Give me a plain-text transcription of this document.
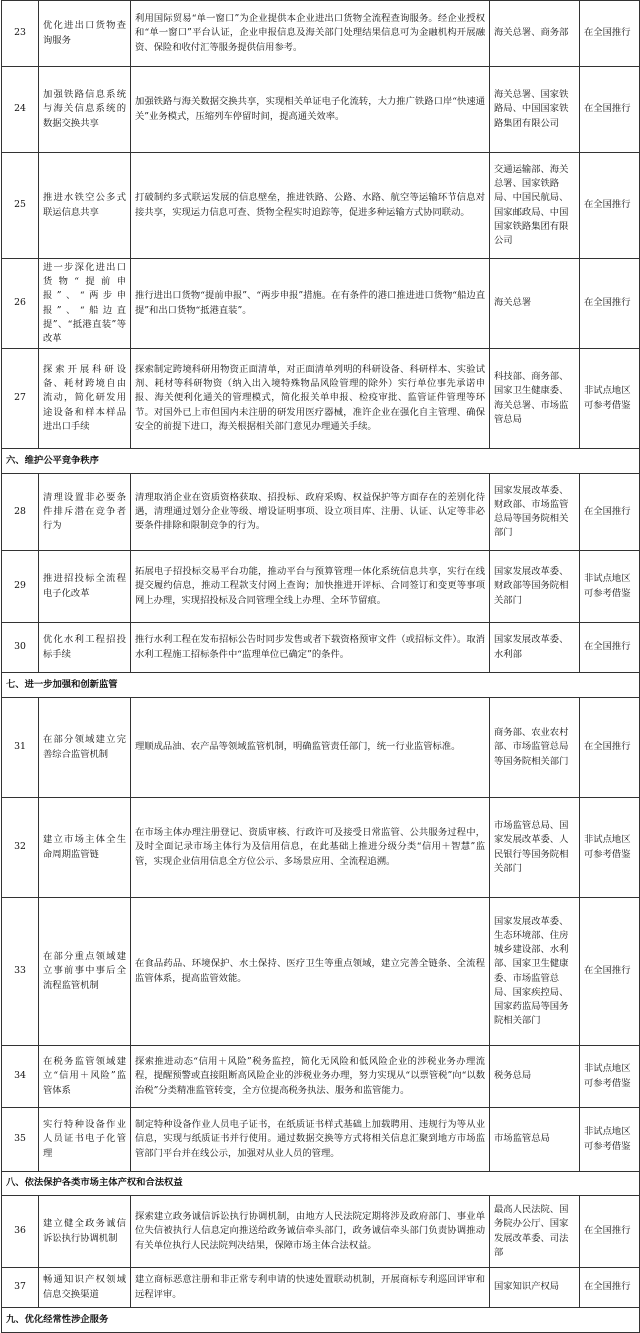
23	优化进出口货物查询服务	利用国际贸易“单一窗口”为企业提供本企业进出口货物全流程查询服务。经企业授权和“单一窗口”平台认证，企业申报信息及海关部门处理结果信息可为金融机构开展融资、保险和收付汇等服务提供信用参考。	海关总署、商务部	在全国推行
24	加强铁路信息系统与海关信息系统的数据交换共享	加强铁路与海关数据交换共享，实现相关单证电子化流转，大力推广铁路口岸“快速通关”业务模式，压缩列车停留时间，提高通关效率。	海关总署、国家铁路局、中国国家铁路集团有限公司	在全国推行
25	推进水铁空公多式联运信息共享	打破制约多式联运发展的信息壁垒，推进铁路、公路、水路、航空等运输环节信息对接共享，实现运力信息可查、货物全程实时追踪等，促进多种运输方式协同联动。	交通运输部、海关总署、国家铁路局、中国民航局、国家邮政局、中国国家铁路集团有限公司	在全国推行
26	进一步深化进出口货物“提前申报”、“两步申报”、“船边直提”、“抵港直装”等改革	推行进出口货物“提前申报”、“两步申报”措施。在有条件的港口推进进口货物“船边直提”和出口货物“抵港直装”。	海关总署	在全国推行
27	探索开展科研设备、耗材跨境自由流动，简化研发用途设备和样本样品进出口手续	探索制定跨境科研用物资正面清单，对正面清单列明的科研设备、科研样本、实验试剂、耗材等科研物资（纳入出入境特殊物品风险管理的除外）实行单位事先承诺申报、海关便利化通关的管理模式，简化报关单申报、检疫审批、监管证件管理等环节。对国外已上市但国内未注册的研发用医疗器械，准许企业在强化自主管理、确保安全的前提下进口，海关根据相关部门意见办理通关手续。	科技部、商务部、国家卫生健康委、海关总署、市场监管总局	非试点地区可参考借鉴
六、维护公平竞争秩序				
28	清理设置非必要条件排斥潜在竞争者行为	清理取消企业在资质资格获取、招投标、政府采购、权益保护等方面存在的差别化待遇，清理通过划分企业等级、增设证明事项、设立项目库、注册、认证、认定等非必要条件排除和限制竞争的行为。	国家发展改革委、财政部、市场监管总局等国务院相关部门	在全国推行
29	推进招投标全流程电子化改革	拓展电子招投标交易平台功能，推动平台与预算管理一体化系统信息共享，实行在线提交履约信息，推动工程款支付网上查询；加快推进开评标、合同签订和变更等事项网上办理，实现招投标及合同管理全线上办理、全环节留痕。	国家发展改革委、财政部等国务院相关部门	非试点地区可参考借鉴
30	优化水利工程招投标手续	推行水利工程在发布招标公告时同步发售或者下载资格预审文件（或招标文件）。取消水利工程施工招标条件中“监理单位已确定”的条件。	国家发展改革委、水利部	在全国推行
七、进一步加强和创新监管				
31	在部分领域建立完善综合监管机制	理顺成品油、农产品等领域监管机制，明确监管责任部门，统一行业监管标准。	商务部、农业农村部、市场监管总局等国务院相关部门	在全国推行
32	建立市场主体全生命周期监管链	在市场主体办理注册登记、资质审核、行政许可及接受日常监管、公共服务过程中，及时全面记录市场主体行为及信用信息，在此基础上推进分级分类“信用＋智慧”监管，实现企业信用信息全方位公示、多场景应用、全流程追溯。	市场监管总局、国家发展改革委、人民银行等国务院相关部门	非试点地区可参考借鉴
33	在部分重点领域建立事前事中事后全流程监管机制	在食品药品、环境保护、水土保持、医疗卫生等重点领域，建立完善全链条、全流程监管体系，提高监管效能。	国家发展改革委、生态环境部、住房城乡建设部、水利部、国家卫生健康委、市场监管总局、国家疾控局、国家药监局等国务院相关部门	在全国推行
34	在税务监管领域建立“信用＋风险”监管体系	探索推进动态“信用＋风险”税务监控，简化无风险和低风险企业的涉税业务办理流程，提醒预警或直接阻断高风险企业的涉税业务办理，努力实现从“以票管税”向“以数治税”分类精准监管转变，全方位提高税务执法、服务和监管能力。	税务总局	非试点地区可参考借鉴
35	实行特种设备作业人员证书电子化管理	制定特种设备作业人员电子证书，在纸质证书样式基础上加载聘用、违规行为等从业信息，实现与纸质证书并行使用。通过数据交换等方式将相关信息汇聚到地方市场监管部门平台并在线公示，加强对从业人员的管理。	市场监管总局	非试点地区可参考借鉴
八、依法保护各类市场主体产权和合法权益				
36	建立健全政务诚信诉讼执行协调机制	探索建立政务诚信诉讼执行协调机制，由地方人民法院定期将涉及政府部门、事业单位失信被执行人信息定向推送给政务诚信牵头部门，政务诚信牵头部门负责协调推动有关单位执行人民法院判决结果，保障市场主体合法权益。	最高人民法院、国务院办公厅、国家发展改革委、司法部	在全国推行
37	畅通知识产权领域信息交换渠道	建立商标恶意注册和非正常专利申请的快速处置联动机制，开展商标专利巡回评审和远程评审。	国家知识产权局	在全国推行
九、优化经常性涉企服务				
